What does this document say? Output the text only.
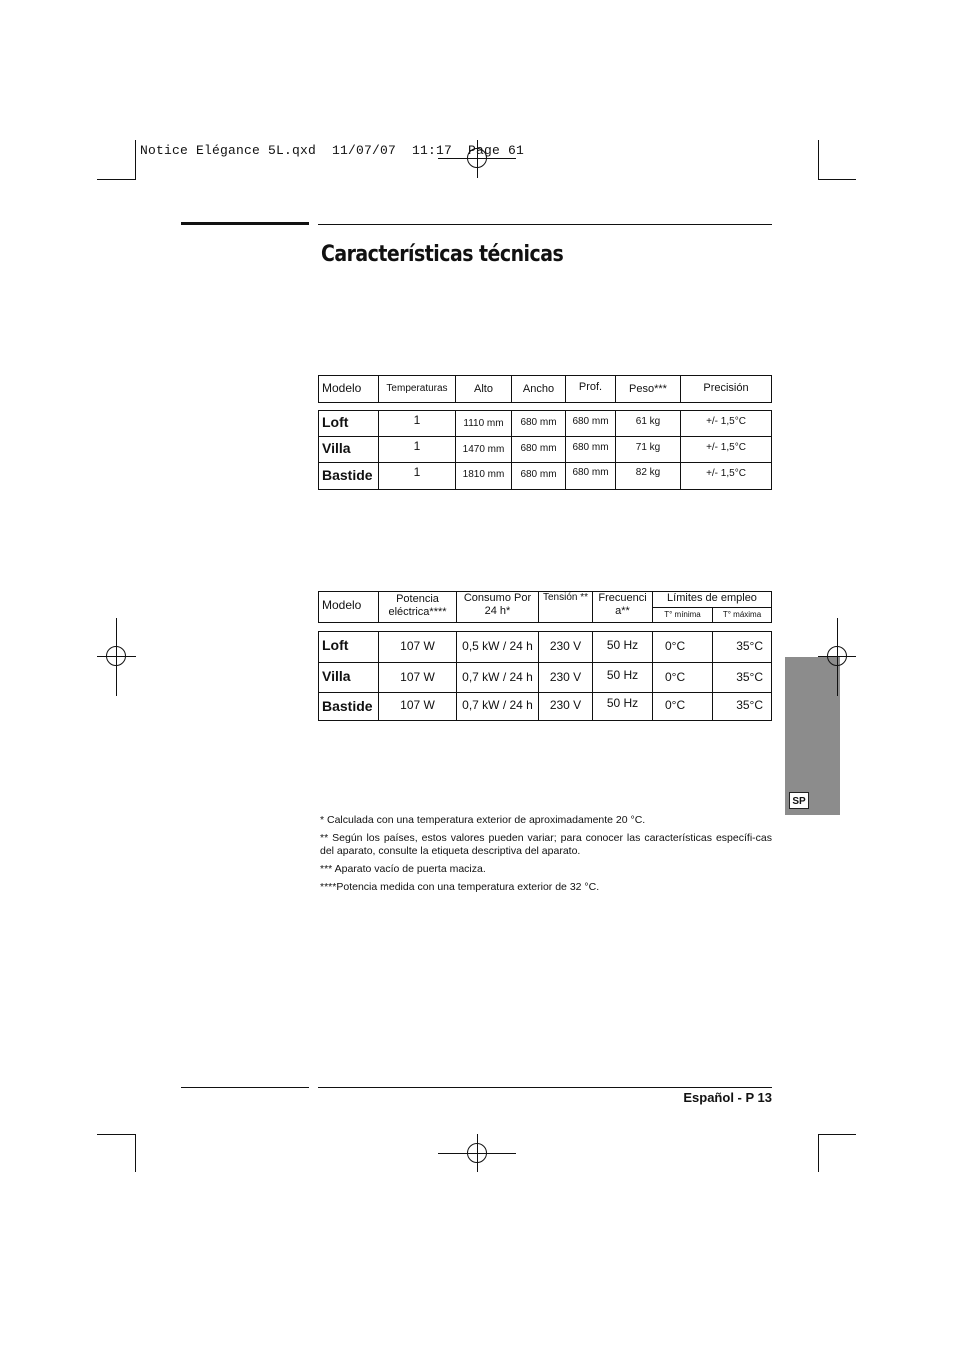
SP
Notice Elégance 5L.qxd  11/07/07  11:17  Page 61
Características técnicas
Modelo	Temperaturas	Alto	Ancho	Prof.	Peso***	Precisión
Loft	1	1110 mm	680 mm	680 mm	61 kg	+/- 1,5°C
Villa	1	1470 mm	680 mm	680 mm	71 kg	+/- 1,5°C
Bastide	1	1810 mm	680 mm	680 mm	82 kg	+/- 1,5°C
Modelo	Potencia eléctrica****	Consumo Por 24 h*	Tensión **	Frecuenci a**	Límites de empleo	
					T° mínima	T° máxima
Loft	107 W	0,5 kW / 24 h	230 V	50 Hz	0°C	35°C
Villa	107 W	0,7 kW / 24 h	230 V	50 Hz	0°C	35°C
Bastide	107 W	0,7 kW / 24 h	230 V	50 Hz	0°C	35°C

* Calculada con una temperatura exterior de aproximadamente 20 °C.

** Según los países, estos valores pueden variar; para conocer las características específi-cas del aparato, consulte la etiqueta descriptiva del aparato.

*** Aparato vacío de puerta maciza.

****Potencia medida con una temperatura exterior de 32 °C.

Español - P 13
